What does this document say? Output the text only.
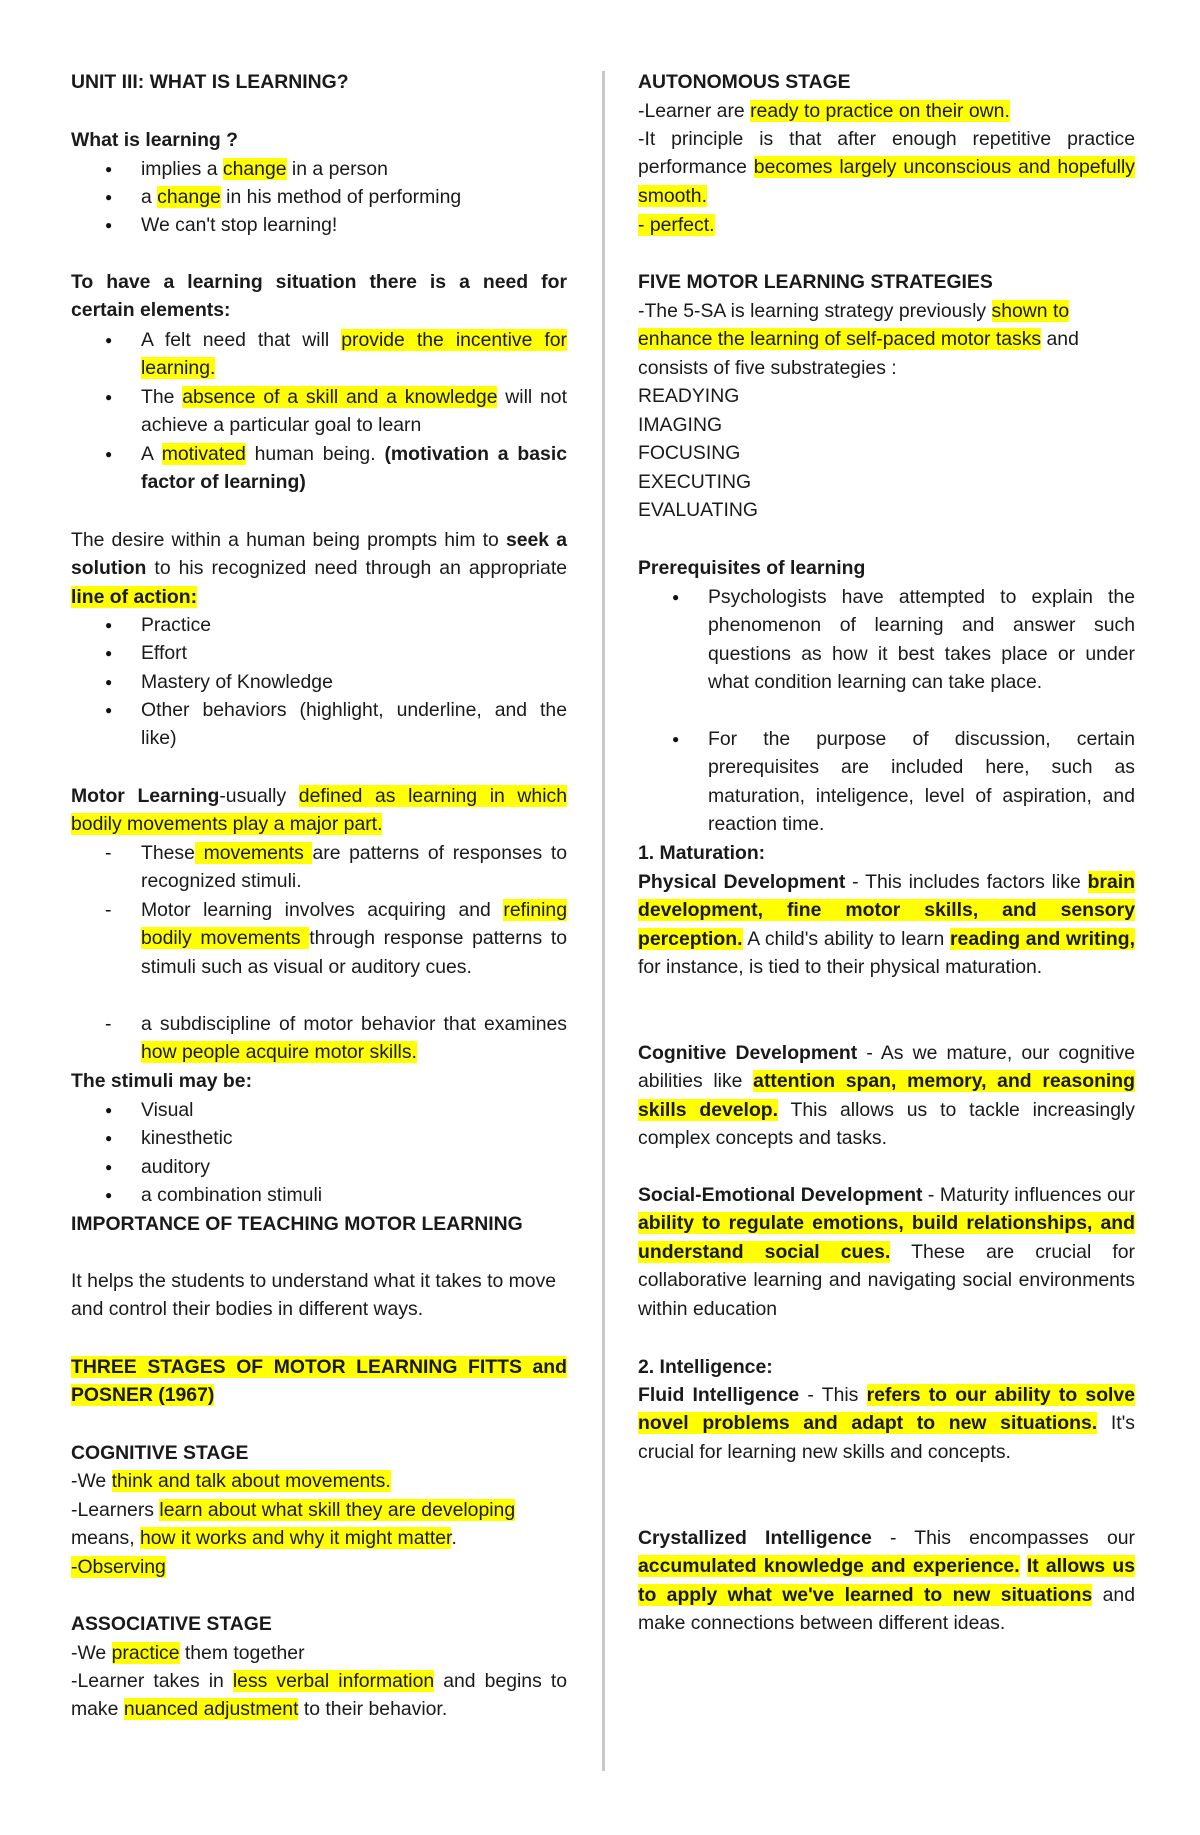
UNIT III: WHAT IS LEARNING?

What is learning ?

● implies a change in a person

● a change in his method of performing

● We can't stop learning!

To have a learning situation there is a need for certain elements:

● A felt need that will provide the incentive for learning.

● The absence of a skill and a knowledge will not achieve a particular goal to learn

● A motivated human being. (motivation a basic factor of learning)

The desire within a human being prompts him to seek a solution to his recognized need through an appropriate line of action:

● Practice

● Effort

● Mastery of Knowledge

● Other behaviors (highlight, underline, and the like)

Motor Learning-usually defined as learning in which bodily movements play a major part.

- These movements are patterns of responses to recognized stimuli.

- Motor learning involves acquiring and refining bodily movements through response patterns to stimuli such as visual or auditory cues.

- a subdiscipline of motor behavior that examines how people acquire motor skills.

The stimuli may be:

● Visual

● kinesthetic

● auditory

● a combination stimuli

IMPORTANCE OF TEACHING MOTOR LEARNING

It helps the students to understand what it takes to move and control their bodies in different ways.

THREE STAGES OF MOTOR LEARNING FITTS and POSNER (1967)

COGNITIVE STAGE

-We think and talk about movements.

-Learners learn about what skill they are developing means, how it works and why it might matter.

-Observing

ASSOCIATIVE STAGE

-We practice them together

-Learner takes in less verbal information and begins to make nuanced adjustment to their behavior.

AUTONOMOUS STAGE

-Learner are ready to practice on their own.

-It principle is that after enough repetitive practice performance becomes largely unconscious and hopefully smooth.

- perfect.

FIVE MOTOR LEARNING STRATEGIES

-The 5-SA is learning strategy previously shown to enhance the learning of self-paced motor tasks and consists of five substrategies :

READYING

IMAGING

FOCUSING

EXECUTING

EVALUATING

Prerequisites of learning

● Psychologists have attempted to explain the phenomenon of learning and answer such questions as how it best takes place or under what condition learning can take place.

● For the purpose of discussion, certain prerequisites are included here, such as maturation, inteligence, level of aspiration, and reaction time.

1. Maturation:

Physical Development - This includes factors like brain development, fine motor skills, and sensory perception. A child's ability to learn reading and writing, for instance, is tied to their physical maturation.

Cognitive Development - As we mature, our cognitive abilities like attention span, memory, and reasoning skills develop. This allows us to tackle increasingly complex concepts and tasks.

Social-Emotional Development - Maturity influences our ability to regulate emotions, build relationships, and understand social cues. These are crucial for collaborative learning and navigating social environments within education

2. Intelligence:

Fluid Intelligence - This refers to our ability to solve novel problems and adapt to new situations. It's crucial for learning new skills and concepts.

Crystallized Intelligence - This encompasses our accumulated knowledge and experience. It allows us to apply what we've learned to new situations and make connections between different ideas.
